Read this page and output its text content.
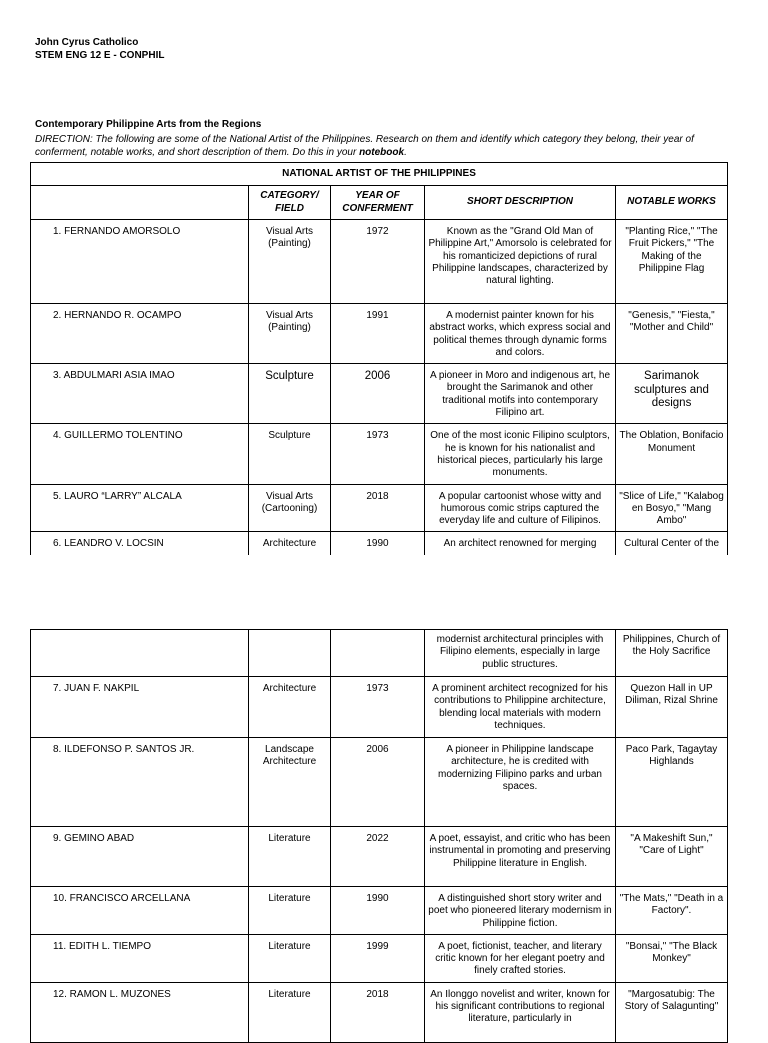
John Cyrus Catholico
STEM ENG 12 E - CONPHIL
Contemporary Philippine Arts from the Regions
DIRECTION: The following are some of the National Artist of the Philippines. Research on them and identify which category they belong, their year of conferment, notable works, and short description of them. Do this in your notebook.
NATIONAL ARTIST OF THE PHILIPPINES				
	CATEGORY/ FIELD	YEAR OF CONFERMENT	SHORT DESCRIPTION	NOTABLE WORKS

1. FERNANDO AMORSOLO	Visual Arts (Painting)	1972	Known as the "Grand Old Man of Philippine Art," Amorsolo is celebrated for his romanticized depictions of rural Philippine landscapes, characterized by natural lighting.	"Planting Rice," "The Fruit Pickers," "The Making of the Philippine Flag

2. HERNANDO R. OCAMPO	Visual Arts (Painting)	1991	A modernist painter known for his abstract works, which express social and political themes through dynamic forms and colors.	"Genesis," "Fiesta," "Mother and Child"

3. ABDULMARI ASIA IMAO	Sculpture	2006	A pioneer in Moro and indigenous art, he brought the Sarimanok and other traditional motifs into contemporary Filipino art.	Sarimanok sculptures and designs

4. GUILLERMO TOLENTINO	Sculpture	1973	One of the most iconic Filipino sculptors, he is known for his nationalist and historical pieces, particularly his large monuments.	The Oblation, Bonifacio Monument

5. LAURO “LARRY” ALCALA	Visual Arts (Cartooning)	2018	A popular cartoonist whose witty and humorous comic strips captured the everyday life and culture of Filipinos.	"Slice of Life," "Kalabog en Bosyo," "Mang Ambo"

6. LEANDRO V. LOCSIN	Architecture	1990	An architect renowned for merging	Cultural Center of the

			modernist architectural principles with Filipino elements, especially in large public structures.	Philippines, Church of the Holy Sacrifice

7. JUAN F. NAKPIL	Architecture	1973	A prominent architect recognized for his contributions to Philippine architecture, blending local materials with modern techniques.	Quezon Hall in UP Diliman, Rizal Shrine

8. ILDEFONSO P. SANTOS JR.	Landscape Architecture	2006	A pioneer in Philippine landscape architecture, he is credited with modernizing Filipino parks and urban spaces.	Paco Park, Tagaytay Highlands

9. GEMINO ABAD	Literature	2022	A poet, essayist, and critic who has been instrumental in promoting and preserving Philippine literature in English.	"A Makeshift Sun," "Care of Light"

10. FRANCISCO ARCELLANA	Literature	1990	A distinguished short story writer and poet who pioneered literary modernism in Philippine fiction.	"The Mats," "Death in a Factory".

11. EDITH L. TIEMPO	Literature	1999	A poet, fictionist, teacher, and literary critic known for her elegant poetry and finely crafted stories.	"Bonsai," "The Black Monkey"

12. RAMON L. MUZONES	Literature	2018	An Ilonggo novelist and writer, known for his significant contributions to regional literature, particularly in	"Margosatubig: The Story of Salagunting"
